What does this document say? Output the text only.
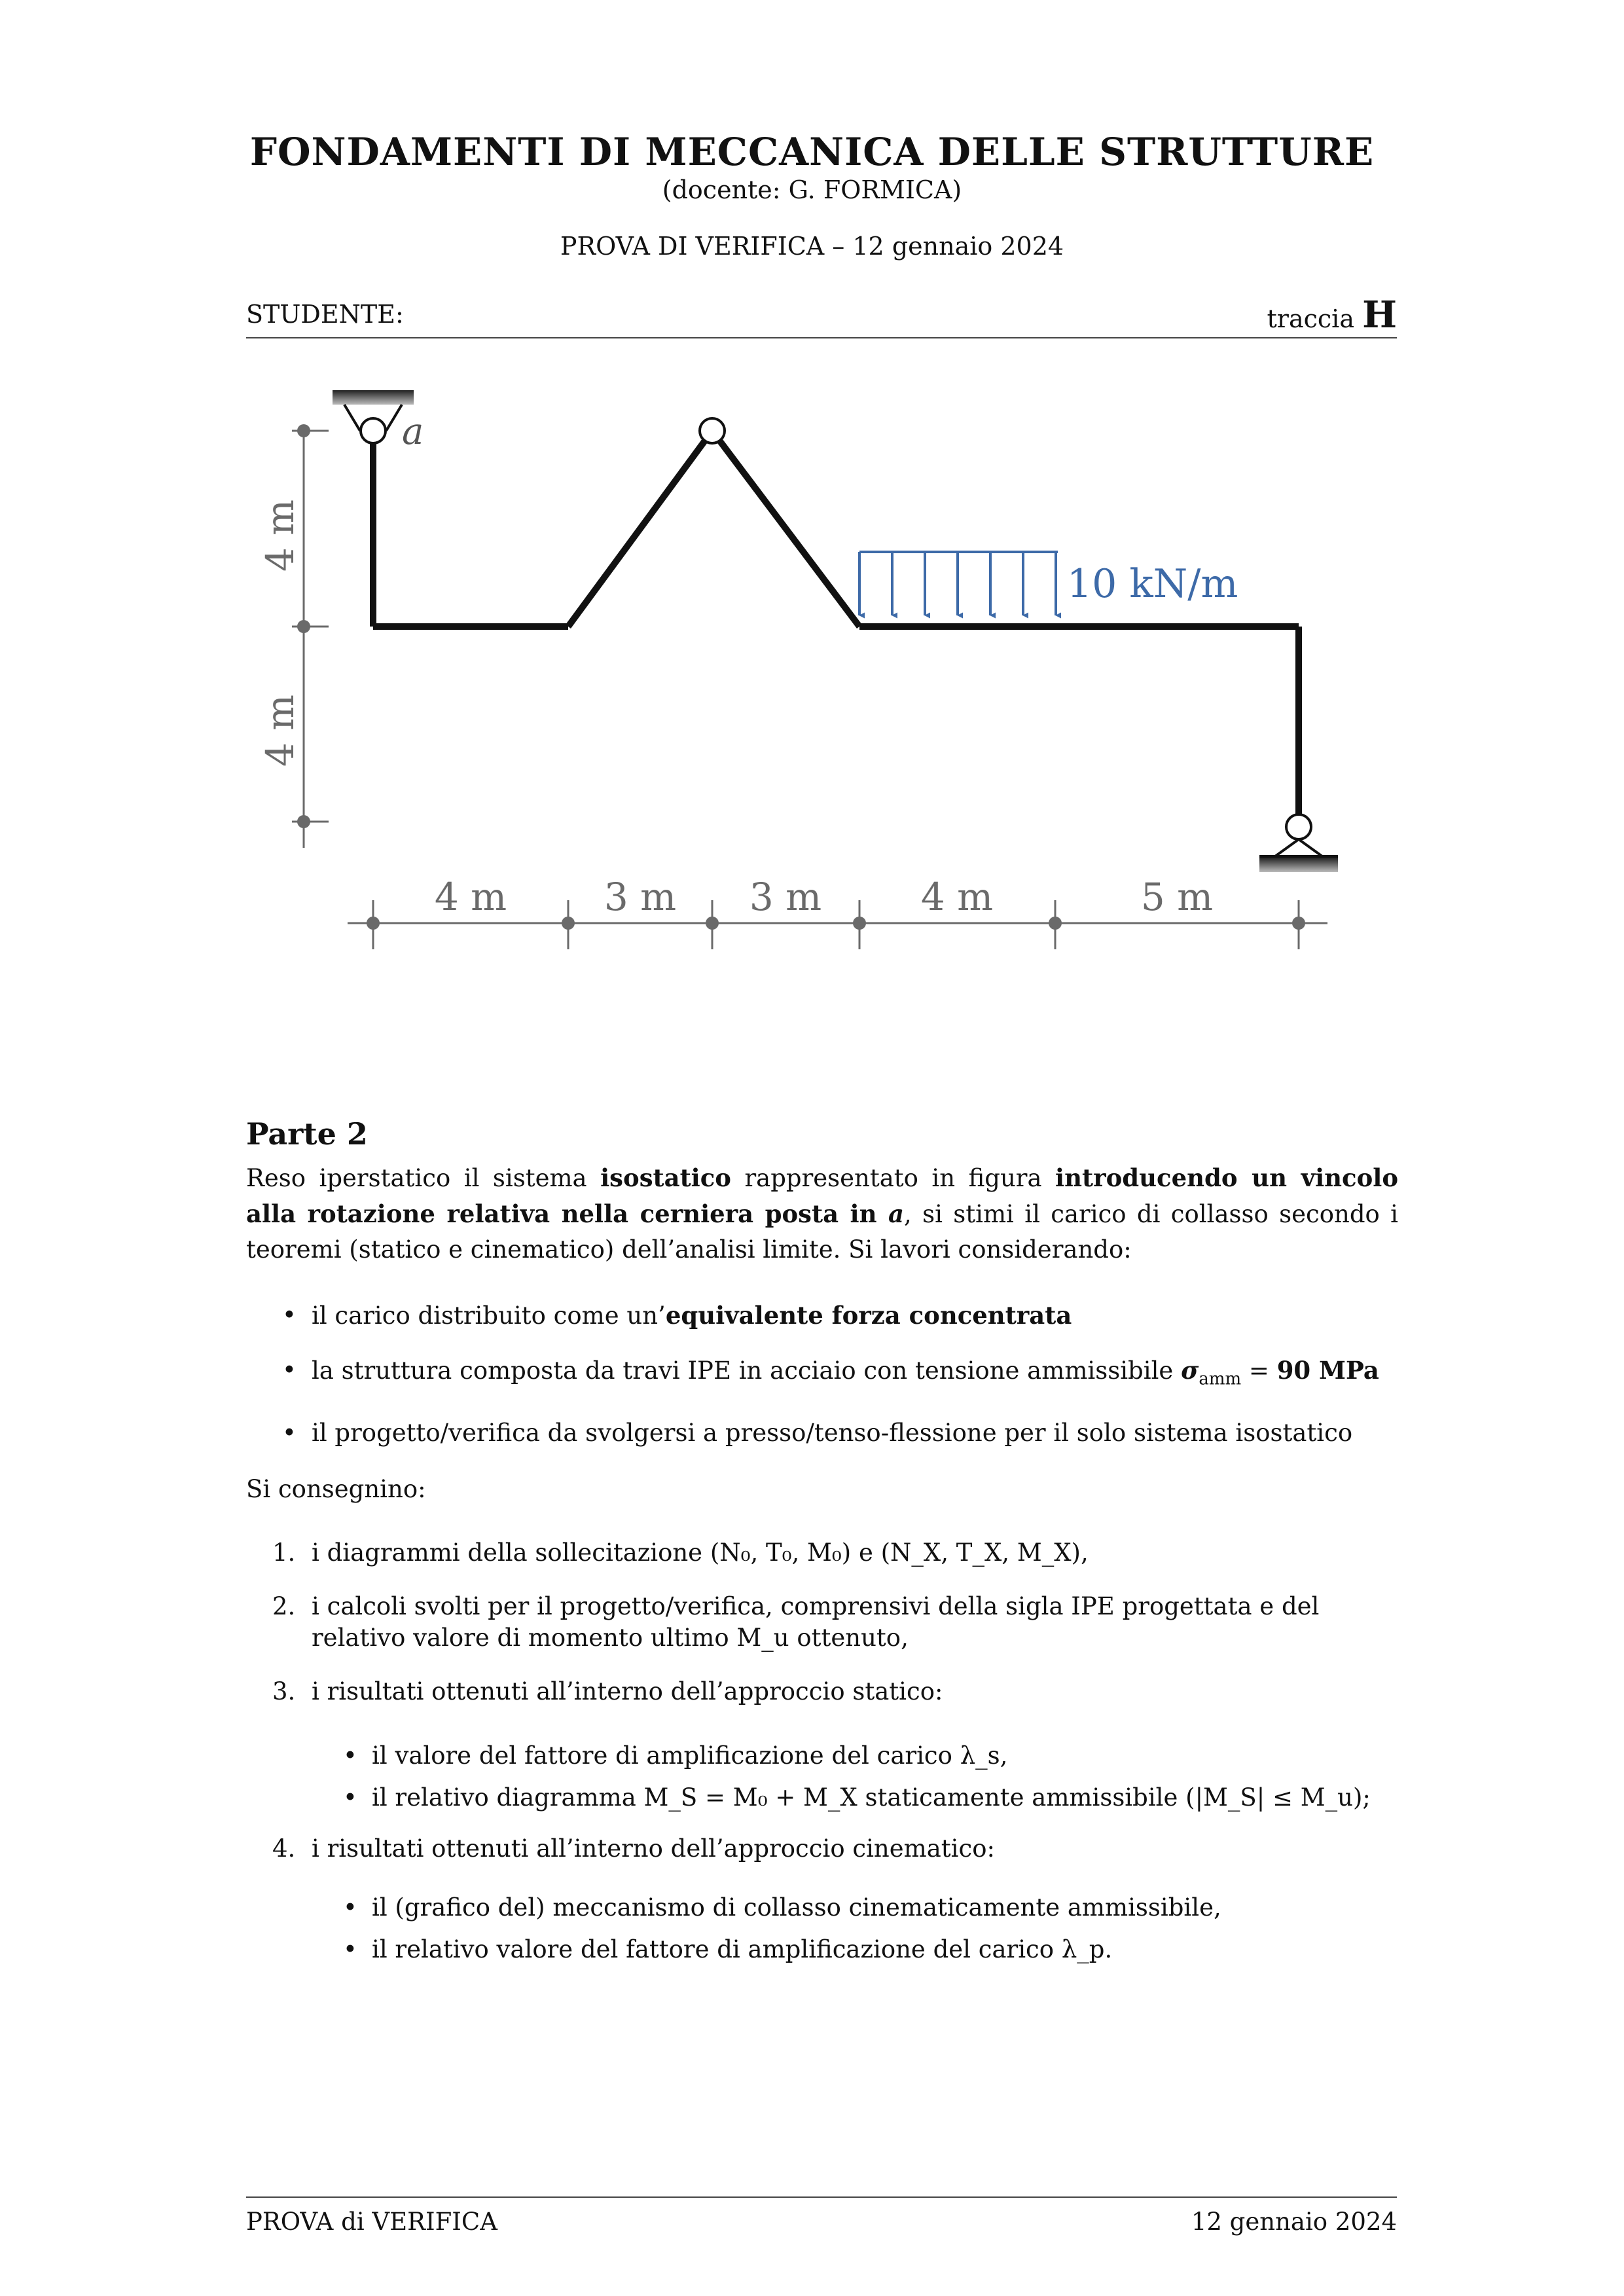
FONDAMENTI DI MECCANICA DELLE STRUTTURE
(docente: G. FORMICA)
PROVA DI VERIFICA – 12 gennaio 2024
STUDENTE:	traccia H
a
10 kN/m
4 m
4 m
4 m	3 m 3 m	4 m	5 m
Parte 2
Reso iperstatico il sistema isostatico rappresentato in figura introducendo un vincolo alla rotazione relativa nella cerniera posta in a, si stimi il carico di collasso secondo i teoremi (statico e cinematico) dell’analisi limite. Si lavori considerando:
• il carico distribuito come un’equivalente forza concentrata
• la struttura composta da travi IPE in acciaio con tensione ammissibile $\sigma_{amm} = 90$ MPa
• il progetto/verifica da svolgersi a presso/tenso-flessione per il solo sistema isostatico
Si consegnino:
1. i diagrammi della sollecitazione (N₀, T₀, M₀) e (N_X, T_X, M_X),
2. i calcoli svolti per il progetto/verifica, comprensivi della sigla IPE progettata e del relativo valore di momento ultimo M_u ottenuto,
3. i risultati ottenuti all’interno dell’approccio statico:
• il valore del fattore di amplificazione del carico λ_s,
• il relativo diagramma M_S = M₀ + M_X staticamente ammissibile (|M_S| ≤ M_u);
4. i risultati ottenuti all’interno dell’approccio cinematico:
• il (grafico del) meccanismo di collasso cinematicamente ammissibile,
• il relativo valore del fattore di amplificazione del carico λ_p.
PROVA di VERIFICA	12 gennaio 2024
